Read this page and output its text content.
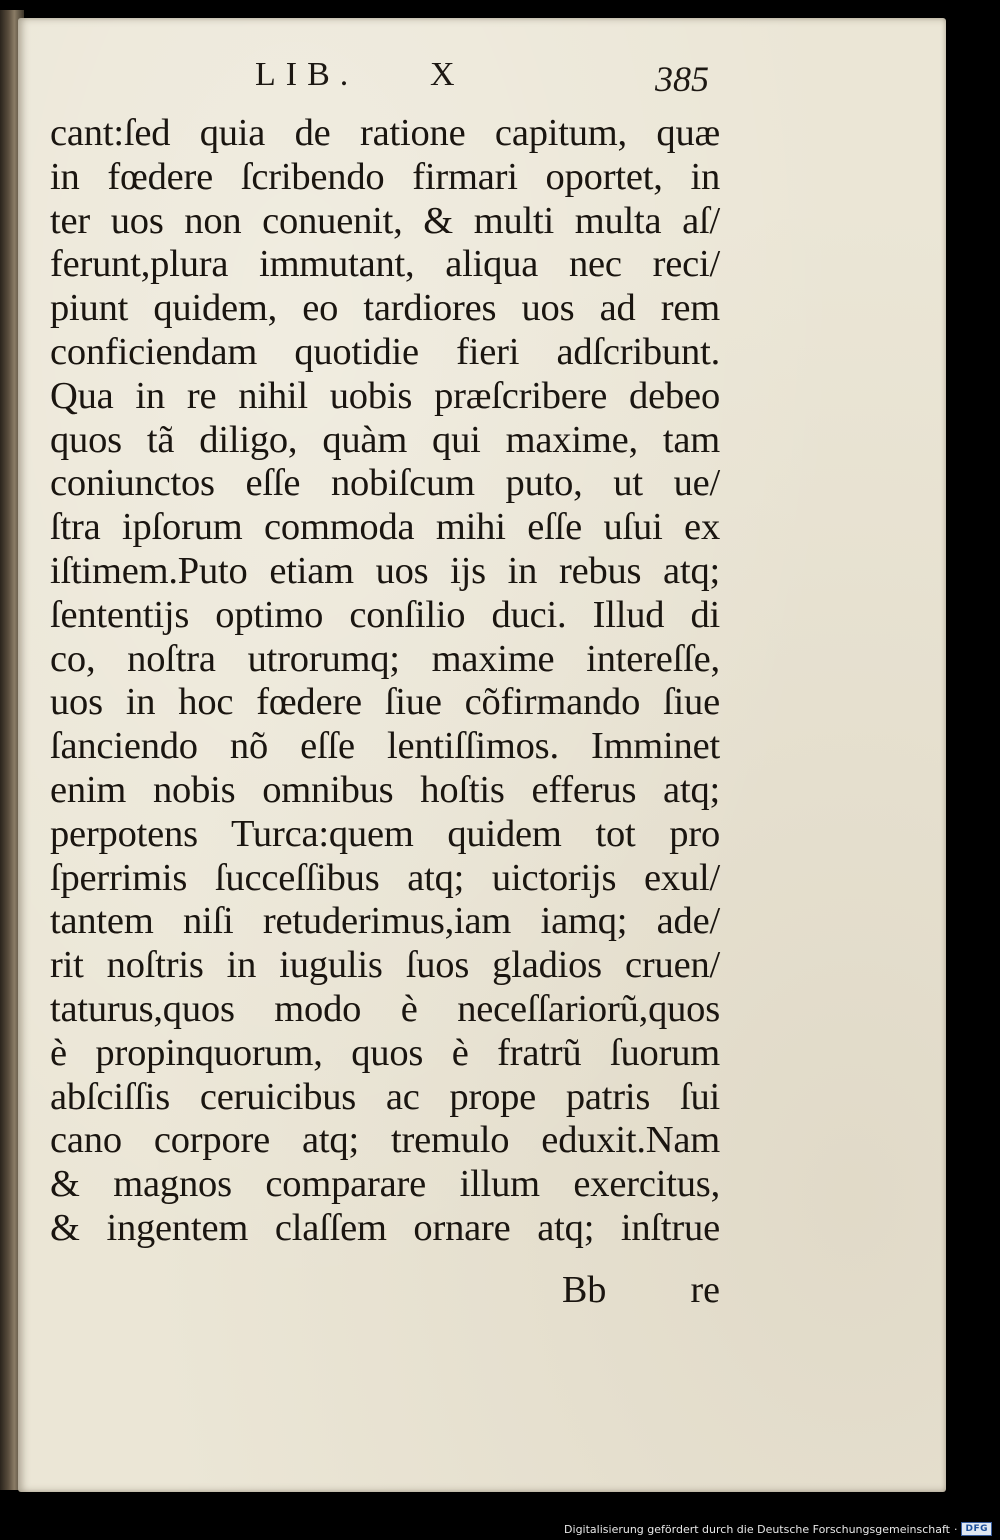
LIB. X	385
cant:ſed quia de ratione capitum, quæ
in fœdere ſcribendo firmari oportet, in
ter uos non conuenit, & multi multa aſ/
ferunt,plura immutant, aliqua nec reci/
piunt quidem, eo tardiores uos ad rem
conficiendam quotidie fieri adſcribunt.
Qua in re nihil uobis præſcribere debeo
quos tã diligo, quàm qui maxime, tam
coniunctos eſſe nobiſcum puto, ut ue/
ſtra ipſorum commoda mihi eſſe uſui ex
iſtimem.Puto etiam uos ijs in rebus atq;
ſententijs optimo conſilio duci. Illud di
co, noſtra utrorumq; maxime intereſſe,
uos in hoc fœdere ſiue cõfirmando ſiue
ſanciendo nõ eſſe lentiſſimos. Imminet
enim nobis omnibus hoſtis efferus atq;
perpotens Turca:quem quidem tot pro
ſperrimis ſucceſſibus atq; uictorijs exul/
tantem niſi retuderimus,iam iamq; ade/
rit noſtris in iugulis ſuos gladios cruen/
taturus,quos modo è neceſſariorũ,quos
è propinquorum, quos è fratrũ ſuorum
abſciſſis ceruicibus ac prope patris ſui
cano corpore atq; tremulo eduxit.Nam
& magnos comparare illum exercitus,
& ingentem claſſem ornare atq; inſtrue
Bb re
Digitalisierung gefördert durch die Deutsche Forschungsgemeinschaft · DFG
